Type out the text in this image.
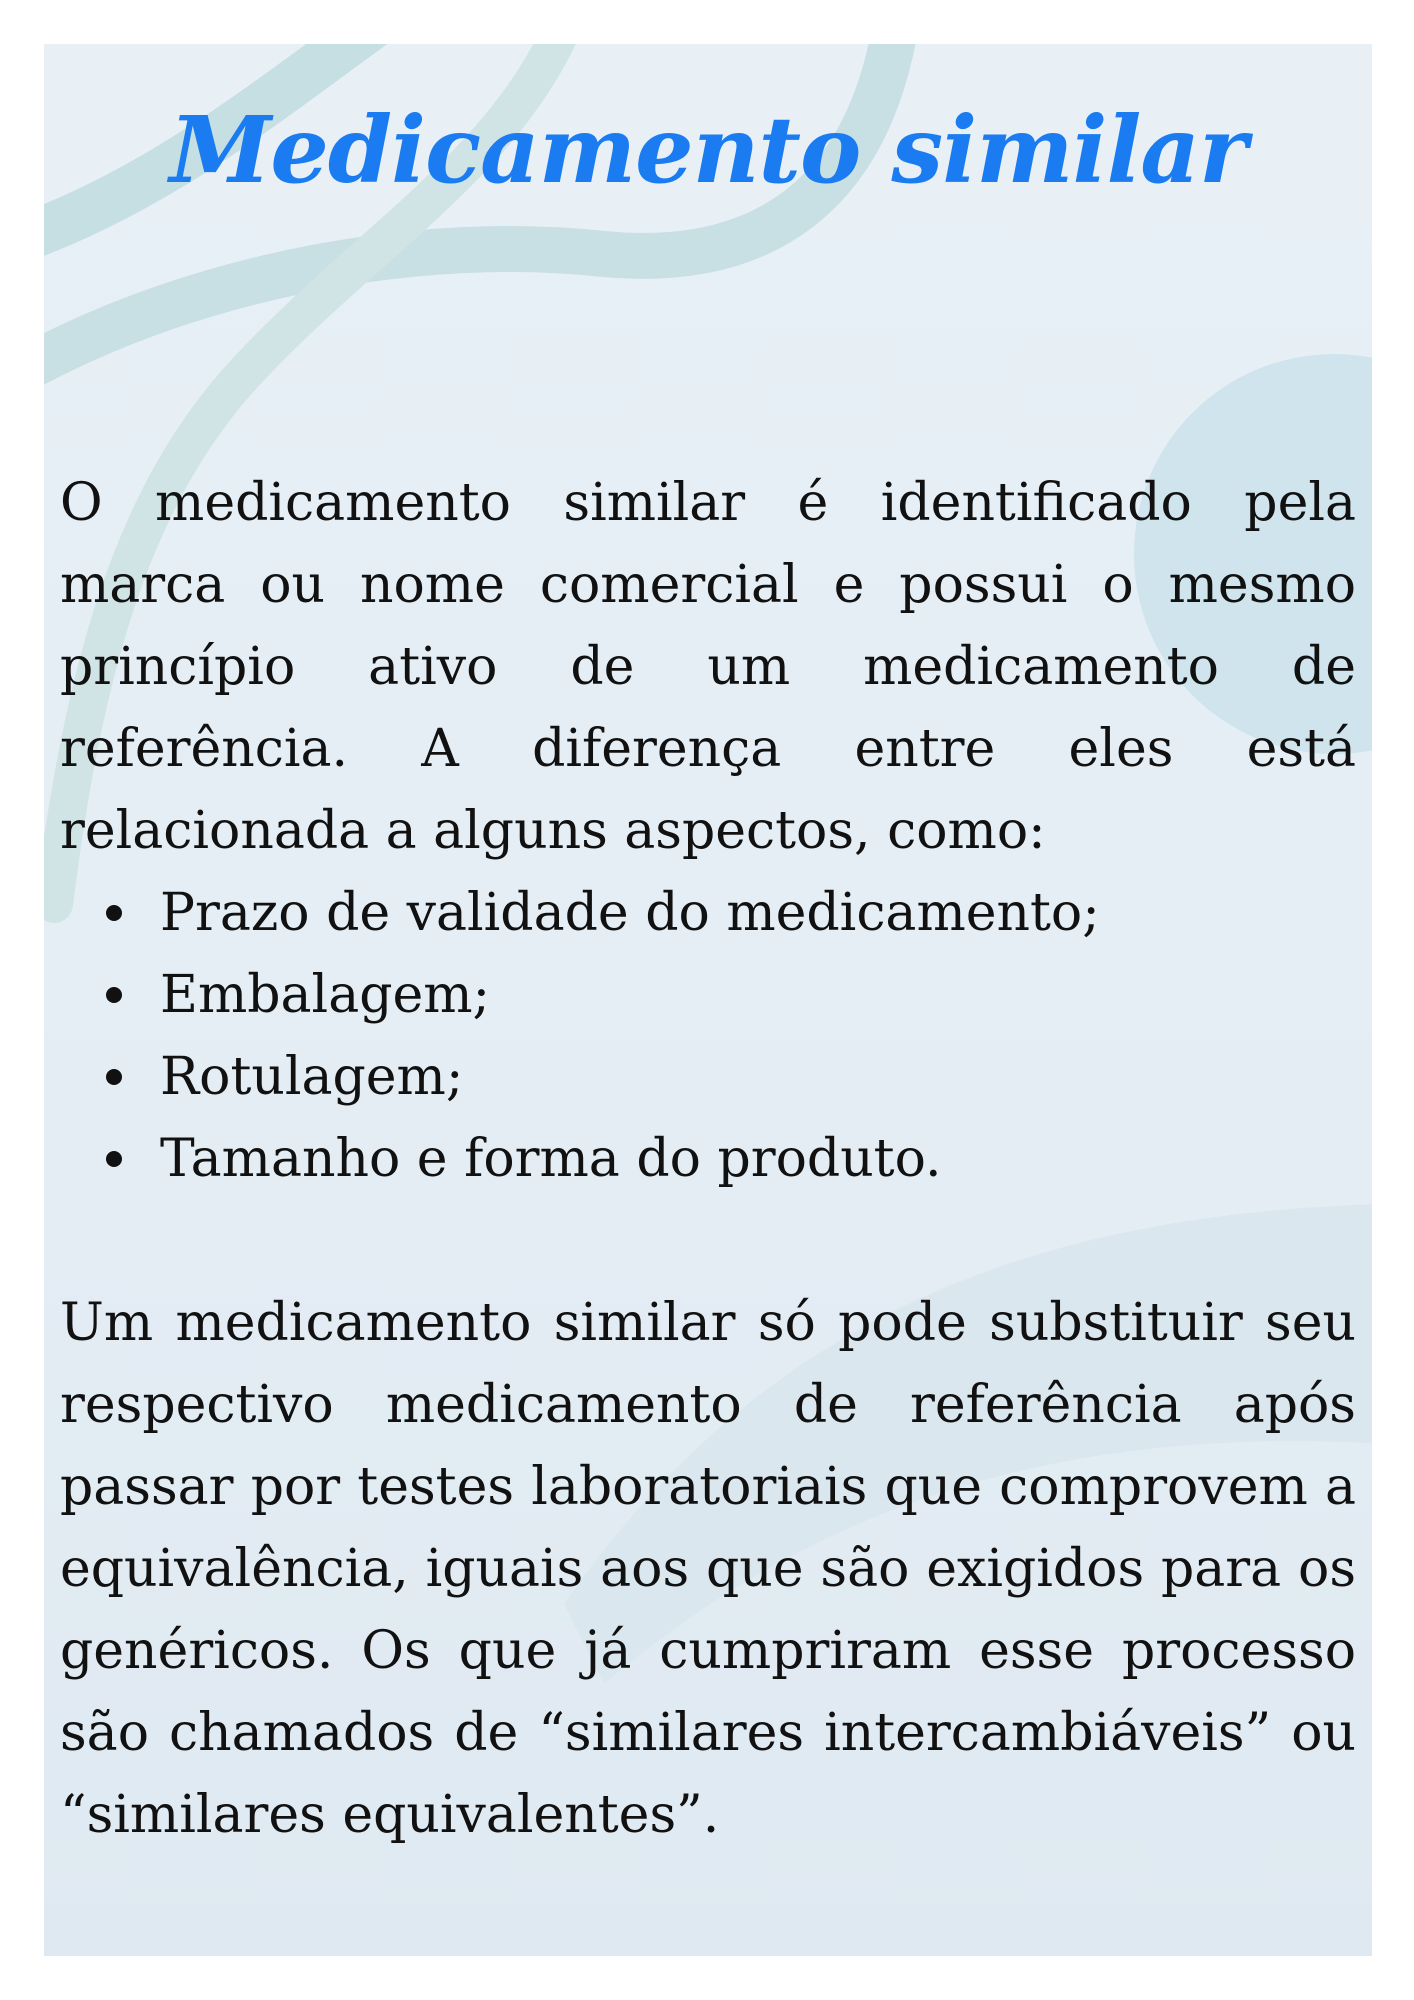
Medicamento similar

O medicamento similar é identificado pela marca ou nome comercial e possui o mesmo princípio ativo de um medicamento de referência. A diferença entre eles está relacionada a alguns aspectos, como:

Prazo de validade do medicamento;
Embalagem;
Rotulagem;
Tamanho e forma do produto.

Um medicamento similar só pode substituir seu respectivo medicamento de referência após passar por testes laboratoriais que comprovem a equivalência, iguais aos que são exigidos para os genéricos. Os que já cumpriram esse processo são chamados de “similares intercambiáveis” ou “similares equivalentes”.
